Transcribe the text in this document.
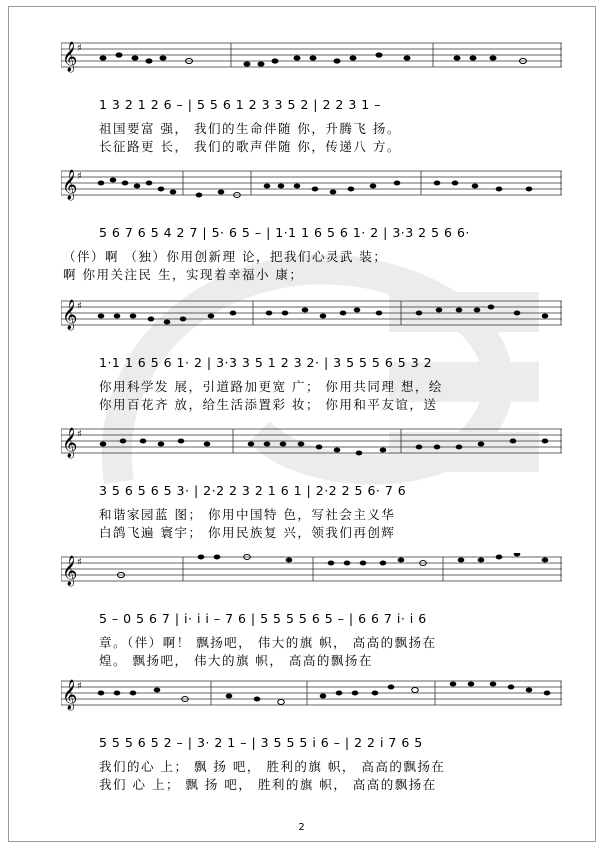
𝄞 ♯
1 3 2 1 2 6 – | 5 5 6 1 2 3 3 5 2 | 2 2 3 1 –
祖国要富 强， 我们的生命伴随 你，升腾飞 扬。
长征路更 长， 我们的歌声伴随 你，传递八 方。
𝄞 ♯
5 6 7 6 5 4 2 7 | 5· 6 5 – | 1·1 1 6 5 6 1· 2 | 3·3 2 5 6 6·
（伴）啊 （独）你用创新理 论，把我们心灵武 装；
啊 你用关注民 生，实现着幸福小 康；
𝄞 ♯
1·1 1 6 5 6 1· 2 | 3·3 3 5 1 2 3 2· | 3 5 5 5 6 5 3 2
你用科学发 展，引道路加更宽 广； 你用共同理 想，绘
你用百花齐 放，给生活添置彩 妆； 你用和平友谊，送
𝄞 ♯
3 5 6 5 6 5 3· | 2·2 2 3 2 1 6 1 | 2·2 2 5 6· 7 6
和谐家园蓝 图； 你用中国特 色，写社会主义华
白鸽飞遍 寰宇； 你用民族复 兴，领我们再创辉
𝄞 ♯
5 – 0 5 6 7 | i· i i – 7 6 | 5 5 5 5 6 5 – | 6 6 7 i· i 6
章。（伴）啊！ 飘扬吧， 伟大的旗 帜， 高高的飘扬在
煌。 飘扬吧， 伟大的旗 帜， 高高的飘扬在
𝄞 ♯
5 5 5 6 5 2 – | 3· 2 1 – | 3 5 5 5 i 6 – | 2 2 i 7 6 5
我们的心 上； 飘 扬 吧， 胜利的旗 帜， 高高的飘扬在
我们 心 上； 飘 扬 吧， 胜利的旗 帜， 高高的飘扬在
2
